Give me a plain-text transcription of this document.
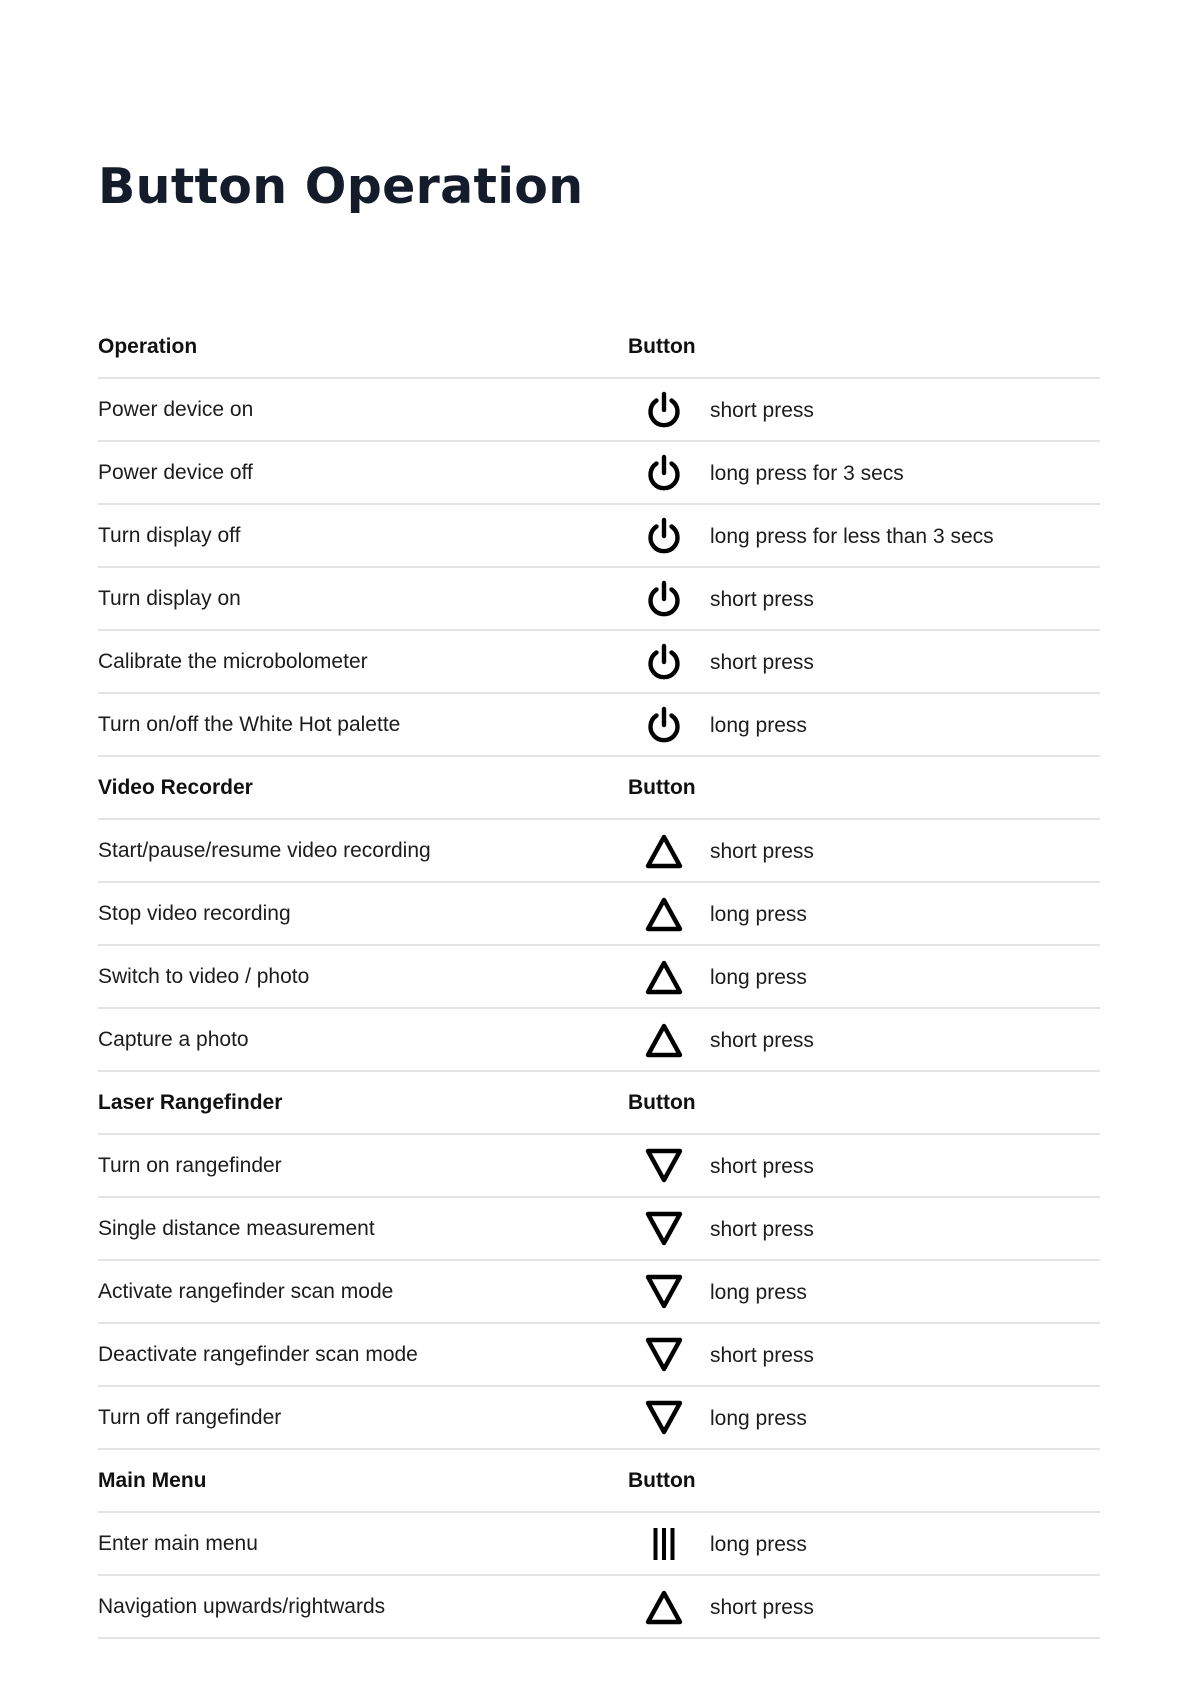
Button Operation
Operation	Button
Power device on	short press
Power device off	long press for 3 secs
Turn display off	long press for less than 3 secs
Turn display on	short press
Calibrate the microbolometer	short press
Turn on/off the White Hot palette	long press
Video Recorder	Button
Start/pause/resume video recording	short press
Stop video recording	long press
Switch to video / photo	long press
Capture a photo	short press
Laser Rangefinder	Button
Turn on rangefinder	short press
Single distance measurement	short press
Activate rangefinder scan mode	long press
Deactivate rangefinder scan mode	short press
Turn off rangefinder	long press
Main Menu	Button
Enter main menu	long press
Navigation upwards/rightwards	short press
